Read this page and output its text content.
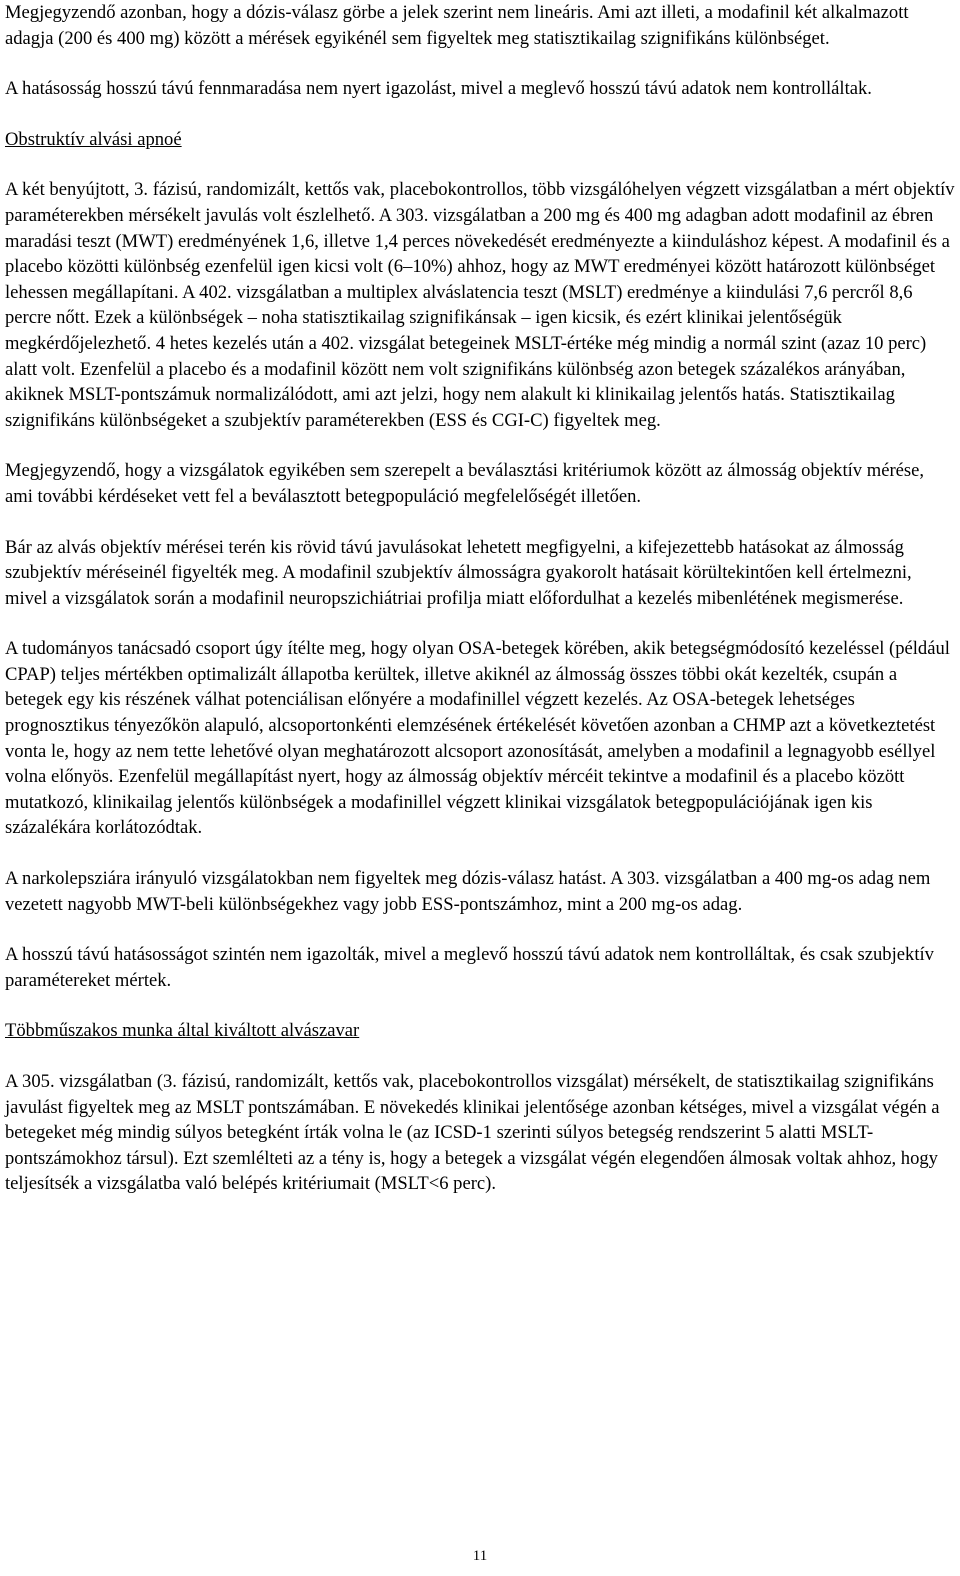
Megjegyzendő azonban, hogy a dózis-válasz görbe a jelek szerint nem lineáris. Ami azt illeti, a modafinil két alkalmazott adagja (200 és 400 mg) között a mérések egyikénél sem figyeltek meg statisztikailag szignifikáns különbséget.

A hatásosság hosszú távú fennmaradása nem nyert igazolást, mivel a meglevő hosszú távú adatok nem kontrolláltak.

Obstruktív alvási apnoé

A két benyújtott, 3. fázisú, randomizált, kettős vak, placebokontrollos, több vizsgálóhelyen végzett vizsgálatban a mért objektív paraméterekben mérsékelt javulás volt észlelhető. A 303. vizsgálatban a 200 mg és 400 mg adagban adott modafinil az ébren maradási teszt (MWT) eredményének 1,6, illetve 1,4 perces növekedését eredményezte a kiinduláshoz képest. A modafinil és a placebo közötti különbség ezenfelül igen kicsi volt (6–10%) ahhoz, hogy az MWT eredményei között határozott különbséget lehessen megállapítani. A 402. vizsgálatban a multiplex alváslatencia teszt (MSLT) eredménye a kiindulási 7,6 percről 8,6 percre nőtt. Ezek a különbségek – noha statisztikailag szignifikánsak – igen kicsik, és ezért klinikai jelentőségük megkérdőjelezhető. 4 hetes kezelés után a 402. vizsgálat betegeinek MSLT-értéke még mindig a normál szint (azaz 10 perc) alatt volt. Ezenfelül a placebo és a modafinil között nem volt szignifikáns különbség azon betegek százalékos arányában, akiknek MSLT-pontszámuk normalizálódott, ami azt jelzi, hogy nem alakult ki klinikailag jelentős hatás. Statisztikailag szignifikáns különbségeket a szubjektív paraméterekben (ESS és CGI-C) figyeltek meg.

Megjegyzendő, hogy a vizsgálatok egyikében sem szerepelt a beválasztási kritériumok között az álmosság objektív mérése, ami további kérdéseket vett fel a beválasztott betegpopuláció megfelelőségét illetően.

Bár az alvás objektív mérései terén kis rövid távú javulásokat lehetett megfigyelni, a kifejezettebb hatásokat az álmosság szubjektív méréseinél figyelték meg. A modafinil szubjektív álmosságra gyakorolt hatásait körültekintően kell értelmezni, mivel a vizsgálatok során a modafinil neuropszichiátriai profilja miatt előfordulhat a kezelés mibenlétének megismerése.

A tudományos tanácsadó csoport úgy ítélte meg, hogy olyan OSA-betegek körében, akik betegségmódosító kezeléssel (például CPAP) teljes mértékben optimalizált állapotba kerültek, illetve akiknél az álmosság összes többi okát kezelték, csupán a betegek egy kis részének válhat potenciálisan előnyére a modafinillel végzett kezelés. Az OSA-betegek lehetséges prognosztikus tényezőkön alapuló, alcsoportonkénti elemzésének értékelését követően azonban a CHMP azt a következtetést vonta le, hogy az nem tette lehetővé olyan meghatározott alcsoport azonosítását, amelyben a modafinil a legnagyobb eséllyel volna előnyös. Ezenfelül megállapítást nyert, hogy az álmosság objektív mércéit tekintve a modafinil és a placebo között mutatkozó, klinikailag jelentős különbségek a modafinillel végzett klinikai vizsgálatok betegpopulációjának igen kis százalékára korlátozódtak.

A narkolepsziára irányuló vizsgálatokban nem figyeltek meg dózis-válasz hatást. A 303. vizsgálatban a 400 mg-os adag nem vezetett nagyobb MWT-beli különbségekhez vagy jobb ESS-pontszámhoz, mint a 200 mg-os adag.

A hosszú távú hatásosságot szintén nem igazolták, mivel a meglevő hosszú távú adatok nem kontrolláltak, és csak szubjektív paramétereket mértek.

Többműszakos munka által kiváltott alvászavar

A 305. vizsgálatban (3. fázisú, randomizált, kettős vak, placebokontrollos vizsgálat) mérsékelt, de statisztikailag szignifikáns javulást figyeltek meg az MSLT pontszámában. E növekedés klinikai jelentősége azonban kétséges, mivel a vizsgálat végén a betegeket még mindig súlyos betegként írták volna le (az ICSD-1 szerinti súlyos betegség rendszerint 5 alatti MSLT-pontszámokhoz társul). Ezt szemlélteti az a tény is, hogy a betegek a vizsgálat végén elegendően álmosak voltak ahhoz, hogy teljesítsék a vizsgálatba való belépés kritériumait (MSLT<6 perc).

11
